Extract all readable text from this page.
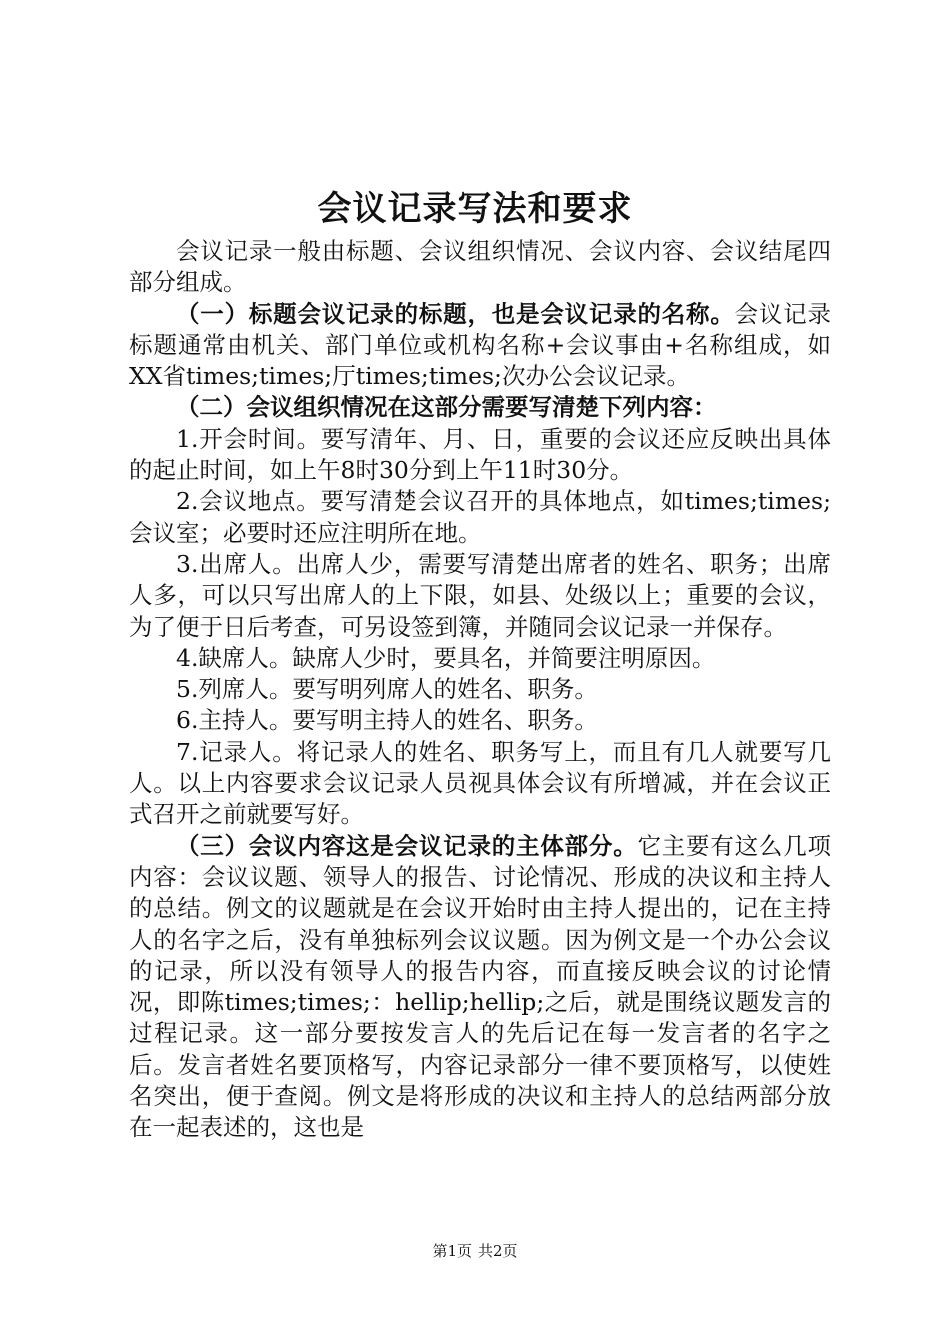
会议记录写法和要求

会议记录一般由标题、会议组织情况、会议内容、会议结尾四部分组成。

（一）标题会议记录的标题，也是会议记录的名称。会议记录标题通常由机关、部门单位或机构名称+会议事由+名称组成，如XX省times;times;厅times;times;次办公会议记录。

（二）会议组织情况在这部分需要写清楚下列内容：

1.开会时间。要写清年、月、日，重要的会议还应反映出具体的起止时间，如上午8时30分到上午11时30分。

2.会议地点。要写清楚会议召开的具体地点，如times;times;会议室；必要时还应注明所在地。

3.出席人。出席人少，需要写清楚出席者的姓名、职务；出席人多，可以只写出席人的上下限，如县、处级以上；重要的会议，为了便于日后考查，可另设签到簿，并随同会议记录一并保存。

4.缺席人。缺席人少时，要具名，并简要注明原因。

5.列席人。要写明列席人的姓名、职务。

6.主持人。要写明主持人的姓名、职务。

7.记录人。将记录人的姓名、职务写上，而且有几人就要写几人。以上内容要求会议记录人员视具体会议有所增减，并在会议正式召开之前就要写好。

（三）会议内容这是会议记录的主体部分。它主要有这么几项内容：会议议题、领导人的报告、讨论情况、形成的决议和主持人的总结。例文的议题就是在会议开始时由主持人提出的，记在主持人的名字之后，没有单独标列会议议题。因为例文是一个办公会议的记录，所以没有领导人的报告内容，而直接反映会议的讨论情况，即陈times;times;：hellip;hellip;之后，就是围绕议题发言的过程记录。这一部分要按发言人的先后记在每一发言者的名字之后。发言者姓名要顶格写，内容记录部分一律不要顶格写，以使姓名突出，便于查阅。例文是将形成的决议和主持人的总结两部分放在一起表述的，这也是

第1页 共2页
